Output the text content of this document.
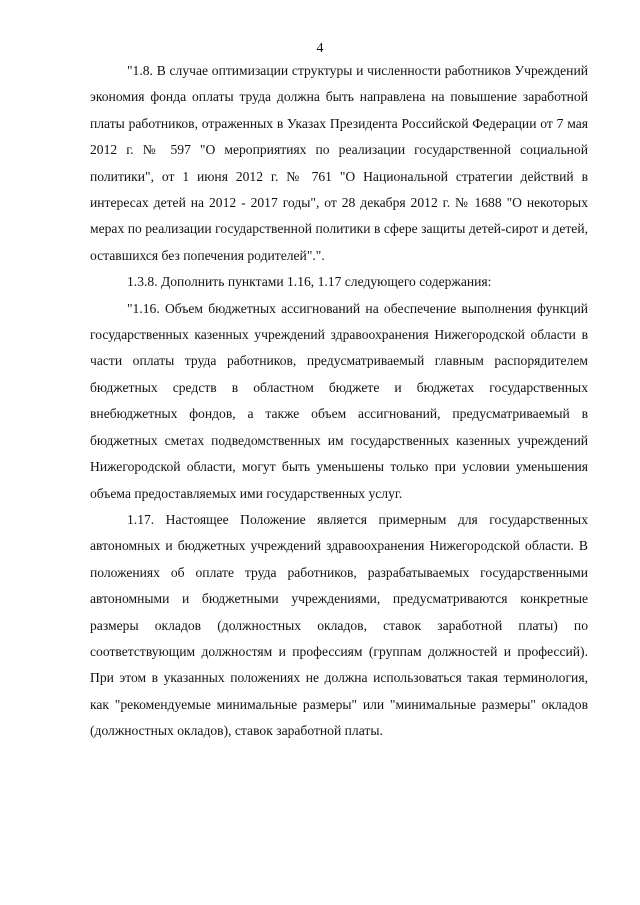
4

"1.8. В случае оптимизации структуры и численности работников Учреждений экономия фонда оплаты труда должна быть направлена на повышение заработной платы работников, отраженных в Указах Президента Российской Федерации от 7 мая 2012 г. № 597 "О мероприятиях по реализации государственной социальной политики", от 1 июня 2012 г. № 761 "О Национальной стратегии действий в интересах детей на 2012 - 2017 годы", от 28 декабря 2012 г. № 1688 "О некоторых мерах по реализации государственной политики в сфере защиты детей-сирот и детей, оставшихся без попечения родителей".".

1.3.8. Дополнить пунктами 1.16, 1.17 следующего содержания:

"1.16. Объем бюджетных ассигнований на обеспечение выполнения функций государственных казенных учреждений здравоохранения Нижегородской области в части оплаты труда работников, предусматриваемый главным распорядителем бюджетных средств в областном бюджете и бюджетах государственных внебюджетных фондов, а также объем ассигнований, предусматриваемый в бюджетных сметах подведомственных им государственных казенных учреждений Нижегородской области, могут быть уменьшены только при условии уменьшения объема предоставляемых ими государственных услуг.

1.17. Настоящее Положение является примерным для государственных автономных и бюджетных учреждений здравоохранения Нижегородской области. В положениях об оплате труда работников, разрабатываемых государственными автономными и бюджетными учреждениями, предусматриваются конкретные размеры окладов (должностных окладов, ставок заработной платы) по соответствующим должностям и профессиям (группам должностей и профессий). При этом в указанных положениях не должна использоваться такая терминология, как "рекомендуемые минимальные размеры" или "минимальные размеры" окладов (должностных окладов), ставок заработной платы.
